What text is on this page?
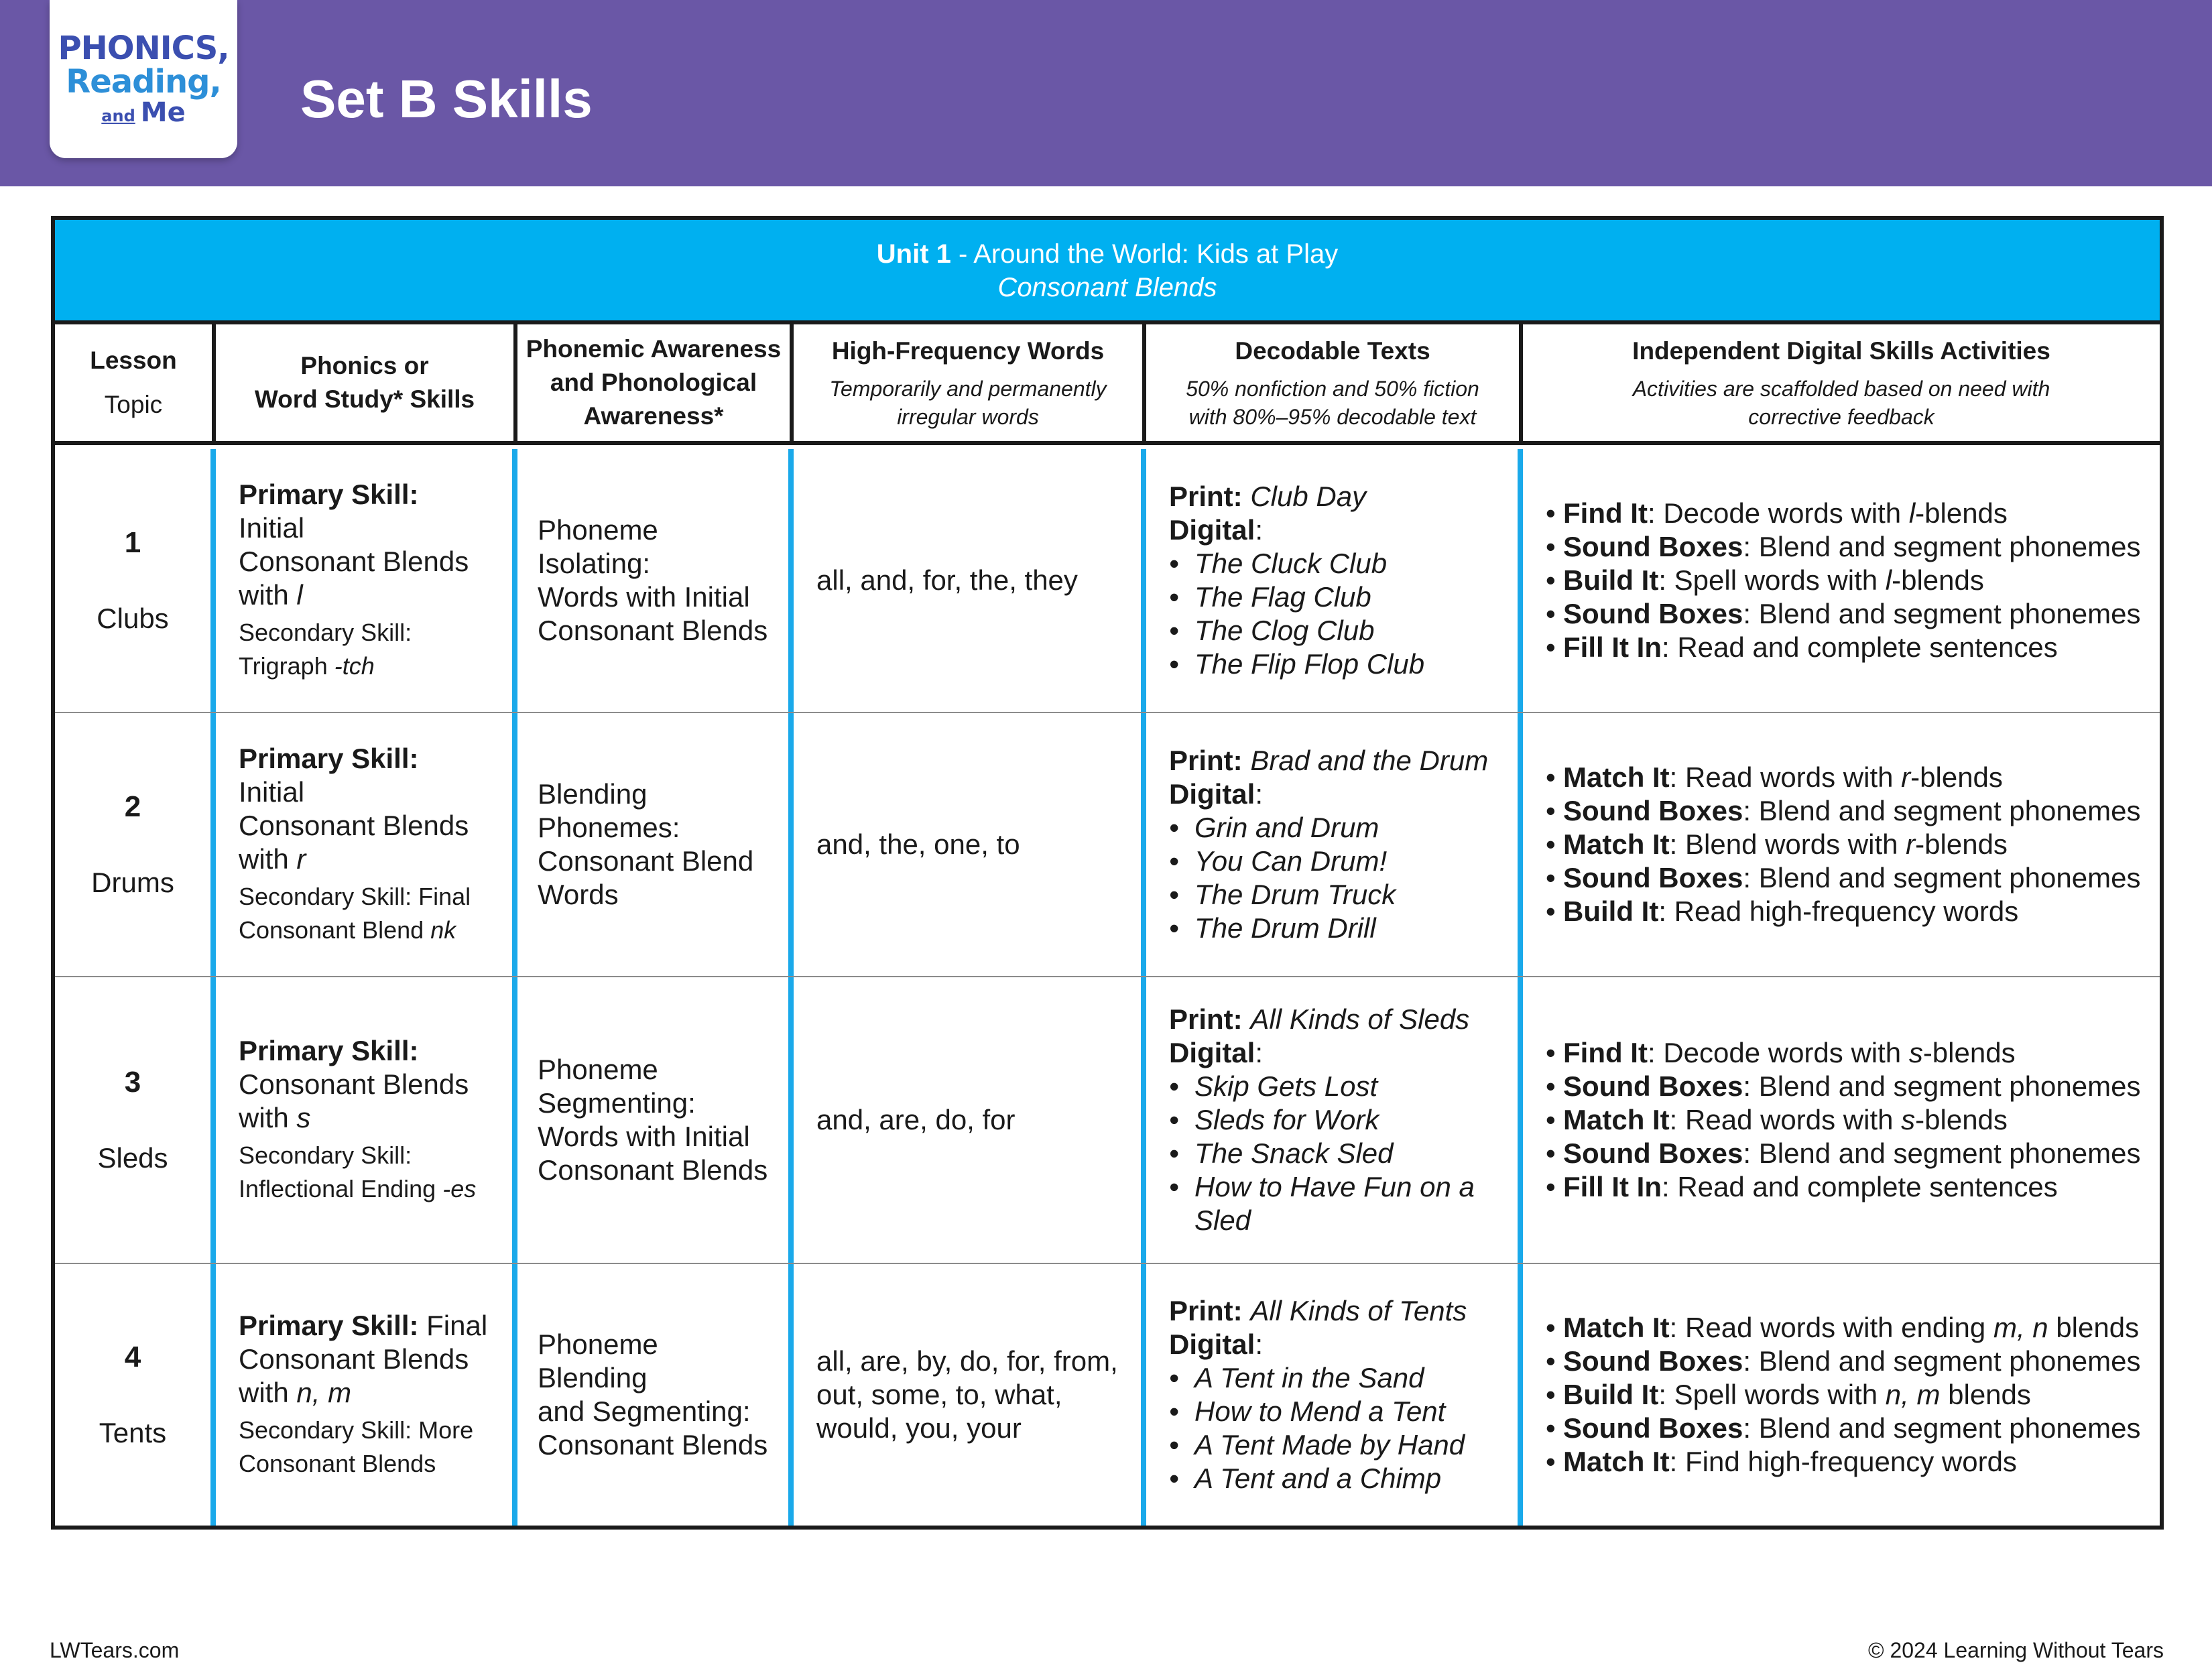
PHONICS,
Reading,
and Me Set B Skills
Unit 1 - Around the World: Kids at Play
Consonant Blends
Lesson
Topic
Phonics or
Word Study* Skills
Phonemic Awareness
and Phonological
Awareness*
High-Frequency Words
Temporarily and permanently
irregular words
Decodable Texts
50% nonfiction and 50% fiction
with 80%–95% decodable text
Independent Digital Skills Activities
Activities are scaffolded based on need with
corrective feedback
1
Clubs
Primary Skill: Initial
Consonant Blends
with l
Secondary Skill:
Trigraph -tch
Phoneme Isolating:
Words with Initial
Consonant Blends
all, and, for, the, they
Print: Club Day
Digital:
• The Cluck Club
• The Flag Club
• The Clog Club
• The Flip Flop Club
• Find It: Decode words with l-blends
• Sound Boxes: Blend and segment phonemes
• Build It: Spell words with l-blends
• Sound Boxes: Blend and segment phonemes
• Fill It In: Read and complete sentences
2
Drums
Primary Skill: Initial
Consonant Blends
with r
Secondary Skill: Final
Consonant Blend nk
Blending Phonemes:
Consonant Blend
Words
and, the, one, to
Print: Brad and the Drum
Digital:
• Grin and Drum
• You Can Drum!
• The Drum Truck
• The Drum Drill
• Match It: Read words with r-blends
• Sound Boxes: Blend and segment phonemes
• Match It: Blend words with r-blends
• Sound Boxes: Blend and segment phonemes
• Build It: Read high-frequency words
3
Sleds
Primary Skill:
Consonant Blends
with s
Secondary Skill:
Inflectional Ending -es
Phoneme
Segmenting:
Words with Initial
Consonant Blends
and, are, do, for
Print: All Kinds of Sleds
Digital:
• Skip Gets Lost
• Sleds for Work
• The Snack Sled
• How to Have Fun on a Sled
• Find It: Decode words with s-blends
• Sound Boxes: Blend and segment phonemes
• Match It: Read words with s-blends
• Sound Boxes: Blend and segment phonemes
• Fill It In: Read and complete sentences
4
Tents
Primary Skill: Final
Consonant Blends
with n, m
Secondary Skill: More
Consonant Blends
Phoneme Blending
and Segmenting:
Consonant Blends
all, are, by, do, for, from,
out, some, to, what,
would, you, your
Print: All Kinds of Tents
Digital:
• A Tent in the Sand
• How to Mend a Tent
• A Tent Made by Hand
• A Tent and a Chimp
• Match It: Read words with ending m, n blends
• Sound Boxes: Blend and segment phonemes
• Build It: Spell words with n, m blends
• Sound Boxes: Blend and segment phonemes
• Match It: Find high-frequency words
LWTears.com	© 2024 Learning Without Tears
